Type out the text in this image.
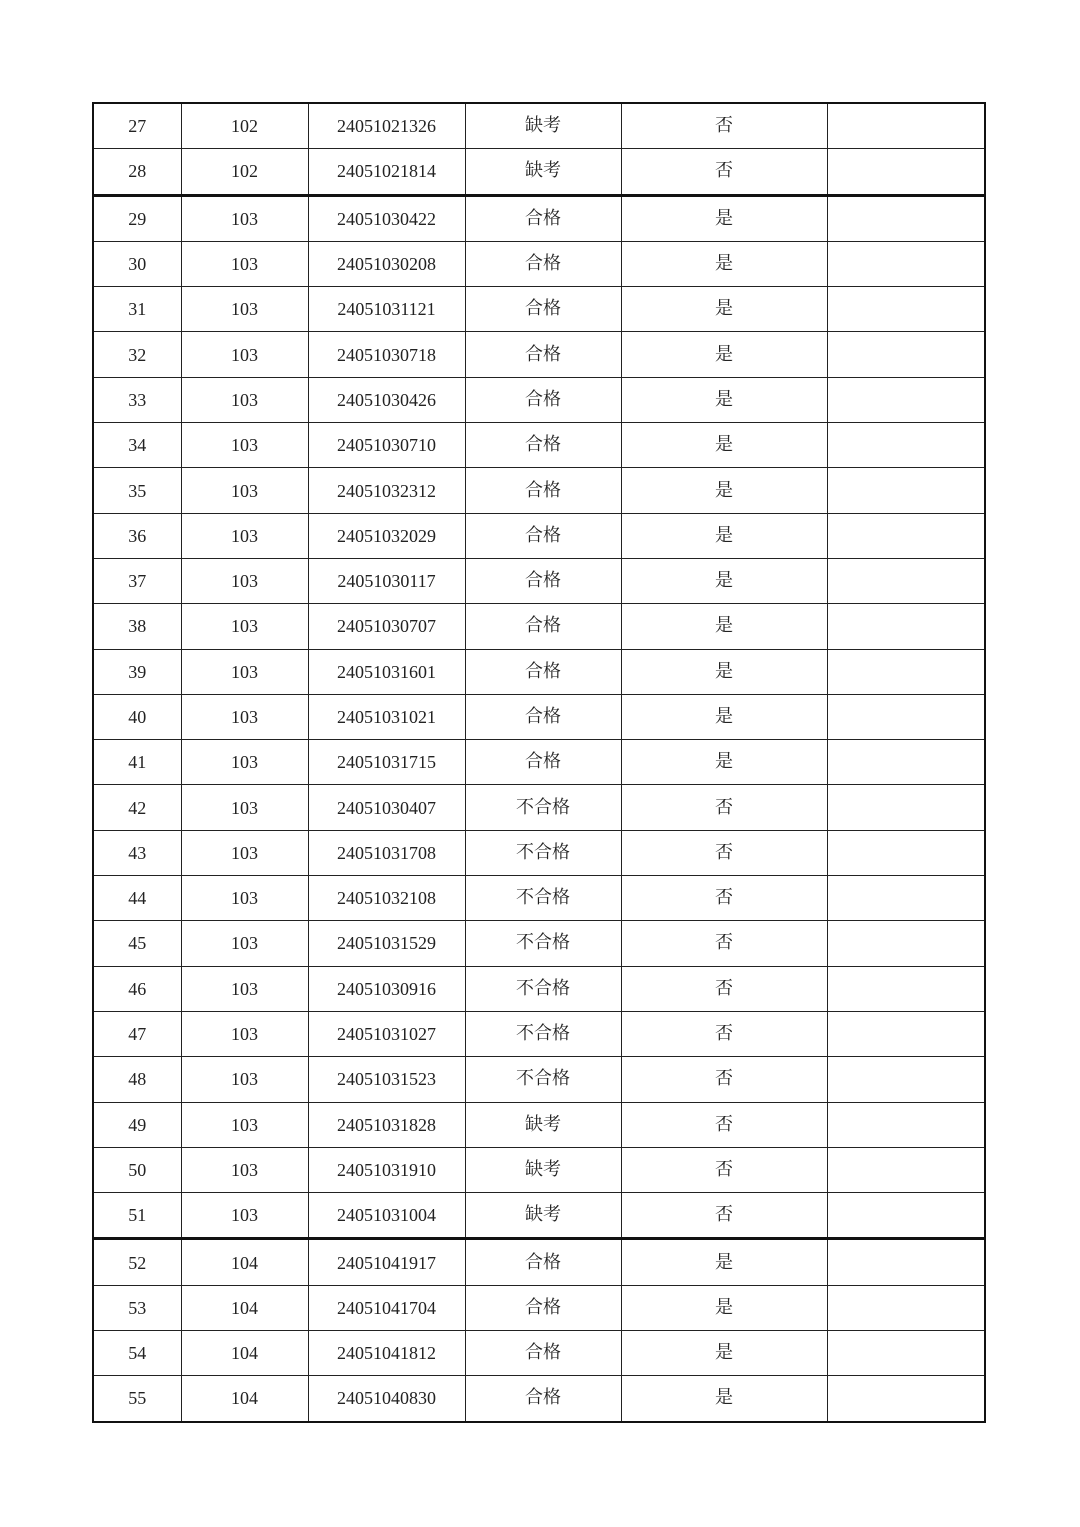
27	102	24051021326	缺考	否	
28	102	24051021814	缺考	否	
29	103	24051030422	合格	是	
30	103	24051030208	合格	是	
31	103	24051031121	合格	是	
32	103	24051030718	合格	是	
33	103	24051030426	合格	是	
34	103	24051030710	合格	是	
35	103	24051032312	合格	是	
36	103	24051032029	合格	是	
37	103	24051030117	合格	是	
38	103	24051030707	合格	是	
39	103	24051031601	合格	是	
40	103	24051031021	合格	是	
41	103	24051031715	合格	是	
42	103	24051030407	不合格	否	
43	103	24051031708	不合格	否	
44	103	24051032108	不合格	否	
45	103	24051031529	不合格	否	
46	103	24051030916	不合格	否	
47	103	24051031027	不合格	否	
48	103	24051031523	不合格	否	
49	103	24051031828	缺考	否	
50	103	24051031910	缺考	否	
51	103	24051031004	缺考	否	
52	104	24051041917	合格	是	
53	104	24051041704	合格	是	
54	104	24051041812	合格	是	
55	104	24051040830	合格	是	
